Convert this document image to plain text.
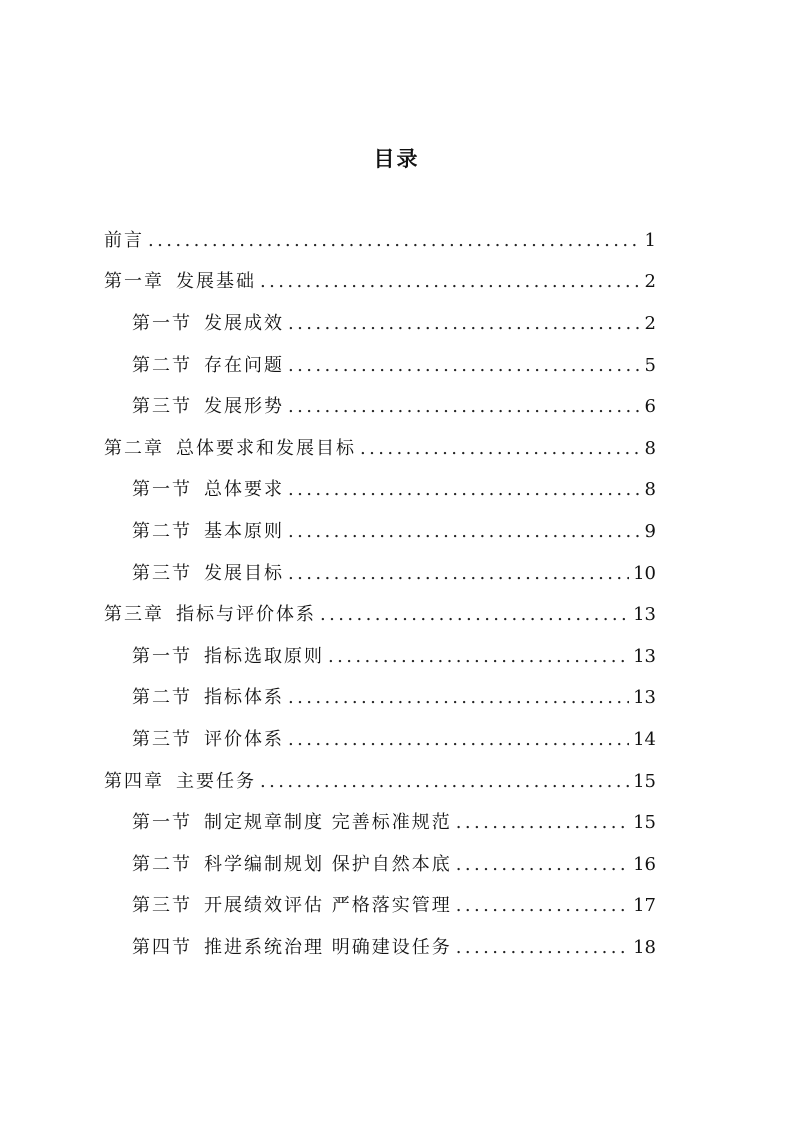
目录
前言 .....	1
第一章 发展基础 .....	2
第一节 发展成效 .....	2
第二节 存在问题 .....	5
第三节 发展形势 .....	6
第二章 总体要求和发展目标 .....	8
第一节 总体要求 .....	8
第二节 基本原则 .....	9
第三节 发展目标 .....	10
第三章 指标与评价体系 .....	13
第一节 指标选取原则 .....	13
第二节 指标体系 .....	13
第三节 评价体系 .....	14
第四章 主要任务 .....	15
第一节 制定规章制度 完善标准规范 .....	15
第二节 科学编制规划 保护自然本底 .....	16
第三节 开展绩效评估 严格落实管理 .....	17
第四节 推进系统治理 明确建设任务 .....	18
